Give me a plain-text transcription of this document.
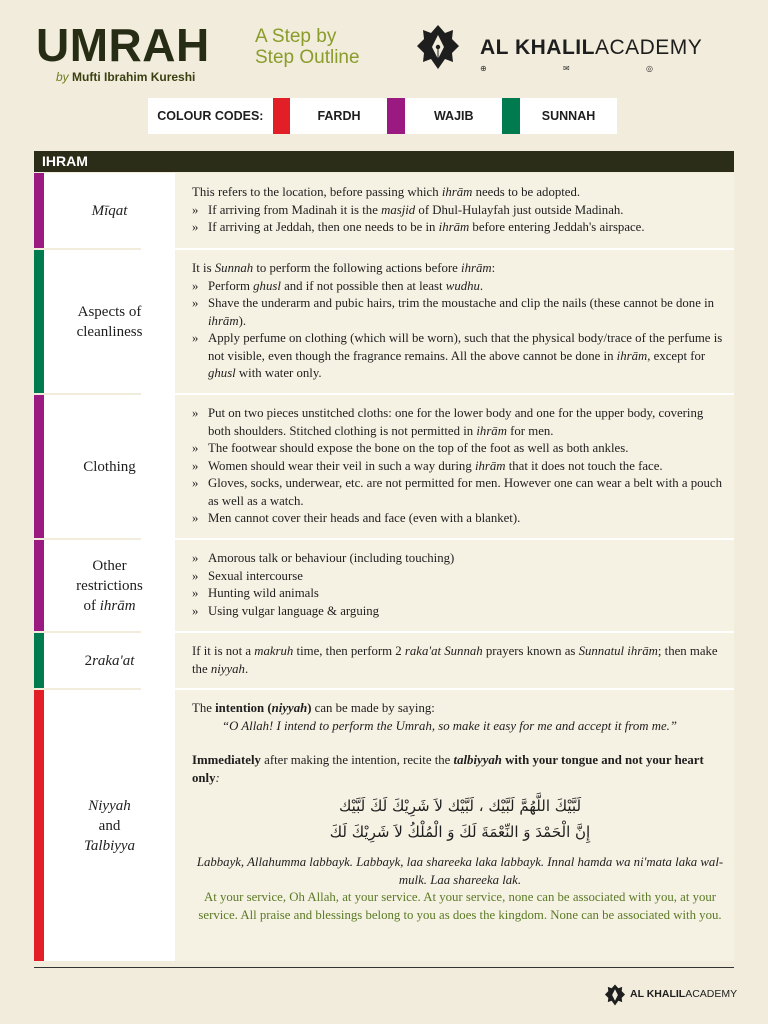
UMRAH A Step by
Step Outline
by Mufti Ibrahim Kureshi
AL KHALILACADEMY
⊕	✉	◎
COLOUR CODES:	FARDH	WAJIB	SUNNAH
IHRAM
Mīqat

This refers to the location, before passing which ihrām needs to be adopted.

» If arriving from Madinah it is the masjid of Dhul-Hulayfah just outside Madinah.
» If arriving at Jeddah, then one needs to be in ihrām before entering Jeddah's airspace.
Aspects of
cleanliness

It is Sunnah to perform the following actions before ihrām:

» Perform ghusl and if not possible then at least wudhu.
» Shave the underarm and pubic hairs, trim the moustache and clip the nails (these cannot be done in ihrām).
» Apply perfume on clothing (which will be worn), such that the physical body/trace of the perfume is not visible, even though the fragrance remains. All the above cannot be done in ihrām, except for ghusl with water only.
Clothing
» Put on two pieces unstitched cloths: one for the lower body and one for the upper body, covering both shoulders. Stitched clothing is not permitted in ihrām for men.
» The footwear should expose the bone on the top of the foot as well as both ankles.
» Women should wear their veil in such a way during ihrām that it does not touch the face.
» Gloves, socks, underwear, etc. are not permitted for men. However one can wear a belt with a pouch as well as a watch.
» Men cannot cover their heads and face (even with a blanket).
Other
restrictions
of ihrām
» Amorous talk or behaviour (including touching)
» Sexual intercourse
» Hunting wild animals
» Using vulgar language & arguing
2 raka'at

If it is not a makruh time, then perform 2 raka'at Sunnah prayers known as Sunnatul ihrām; then make the niyyah.

Niyyah
and
Talbiyya

The intention (niyyah) can be made by saying:

“O Allah! I intend to perform the Umrah, so make it easy for me and accept it from me.”

Immediately after making the intention, recite the talbiyyah with your tongue and not your heart only:

لَبَّيْكَ اللَّهُمَّ لَبَّيْك ، لَبَّيْك لاَ شَرِيْكَ لَكَ لَبَّيْك
إِنَّ الْحَمْدَ وَ النِّعْمَةَ لَكَ وَ الْمُلْكُ لاَ شَرِيْكَ لَكَ

Labbayk, Allahumma labbayk. Labbayk, laa shareeka laka labbayk. Innal hamda wa ni'mata laka wal-mulk. Laa shareeka lak.

At your service, Oh Allah, at your service. At your service, none can be associated with you, at your service. All praise and blessings belong to you as does the kingdom. None can be associated with you.

AL KHALILACADEMY
